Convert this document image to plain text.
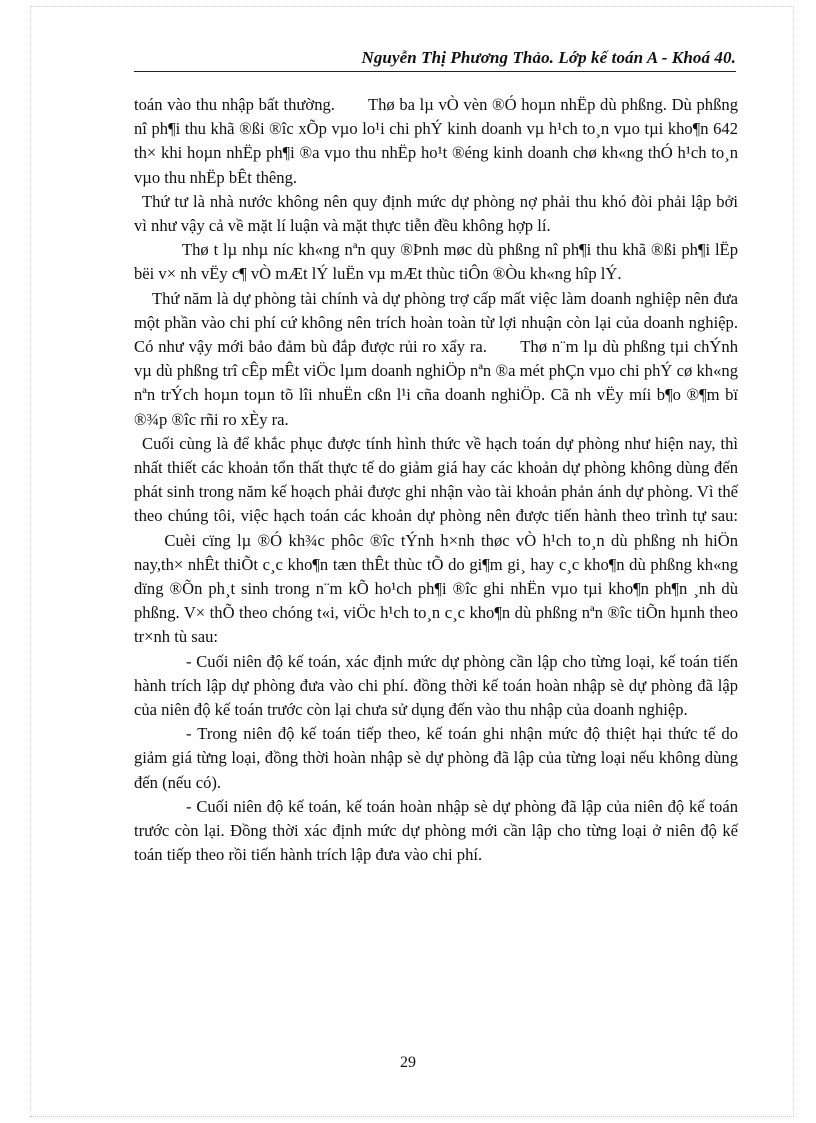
Nguyễn Thị Phương Thảo. Lớp kế toán A - Khoá 40.

toán vào thu nhập bất thường. Thø ba lµ vÒ vèn ®Ó hoµn nhËp dù phßng. Dù phßng nî ph¶i thu khã ®ßi ®îc xÕp vµo lo¹i chi phÝ kinh doanh vµ h¹ch to¸n vµo tµi kho¶n 642 th× khi hoµn nhËp ph¶i ®a vµo thu nhËp ho¹t ®éng kinh doanh chø kh«ng thÓ h¹ch to¸n vµo thu nhËp bÊt thêng.

Thứ tư là nhà nước không nên quy định mức dự phòng nợ phải thu khó đòi phải lập bởi vì như vậy cả về mặt lí luận và mặt thực tiễn đều không hợp lí.

Thø t lµ nhµ níc kh«ng nªn quy ®Þnh møc dù phßng nî ph¶i thu khã ®ßi ph¶i lËp bëi v× nh vËy c¶ vÒ mÆt lÝ luËn vµ mÆt thùc tiÔn ®Òu kh«ng hîp lÝ.

Thứ năm là dự phòng tài chính và dự phòng trợ cấp mất việc làm doanh nghiệp nên đưa một phần vào chi phí cứ không nên trích hoàn toàn từ lợi nhuận còn lại của doanh nghiệp. Có như vậy mới bảo đảm bù đắp được rủi ro xẩy ra. Thø n¨m lµ dù phßng tµi chÝnh vµ dù phßng trî cÊp mÊt viÖc lµm doanh nghiÖp nªn ®a mét phÇn vµo chi phÝ cø kh«ng nªn trÝch hoµn toµn tõ lîi nhuËn cßn l¹i cña doanh nghiÖp. Cã nh vËy míi b¶o ®¶m bï ®¾p ®îc rñi ro xÈy ra.

Cuối cùng là để khắc phục được tính hình thức về hạch toán dự phòng như hiện nay, thì nhất thiết các khoản tổn thất thực tế do giảm giá hay các khoản dự phòng không dùng đến phát sinh trong năm kế hoạch phải được ghi nhận vào tài khoản phản ánh dự phòng. Vì thế theo chúng tôi, việc hạch toán các khoản dự phòng nên được tiến hành theo trình tự sau:  Cuèi cïng lµ ®Ó kh¾c phôc ®îc tÝnh h×nh thøc vÒ h¹ch to¸n dù phßng nh hiÖn nay,th× nhÊt thiÕt c¸c kho¶n tæn thÊt thùc tÕ do gi¶m gi¸ hay c¸c kho¶n dù phßng kh«ng dïng ®Õn ph¸t sinh trong n¨m kÕ ho¹ch ph¶i ®îc ghi nhËn vµo tµi kho¶n ph¶n ¸nh dù phßng. V× thÕ theo chóng t«i, viÖc h¹ch to¸n c¸c kho¶n dù phßng nªn ®îc tiÕn hµnh theo tr×nh tù sau:

- Cuối niên độ kế toán, xác định mức dự phòng cần lập cho từng loại, kế toán tiến hành trích lập dự phòng đưa vào chi phí. đồng thời kế toán hoàn nhập sè dự phòng đã lập của niên độ kế toán trước còn lại chưa sử dụng đến vào thu nhập của doanh nghiệp.

- Trong niên độ kế toán tiếp theo, kế toán ghi nhận mức độ thiệt hại thức tế do giảm giá từng loại, đồng thời hoàn nhập sè dự phòng đã lập của từng loại nếu không dùng đến (nếu có).

- Cuối niên độ kế toán, kế toán hoàn nhập sè dự phòng đã lập của niên độ kế toán trước còn lại. Đồng thời xác định mức dự phòng mới cần lập cho từng loại ở niên độ kế toán tiếp theo rồi tiến hành trích lập đưa vào chi phí.

29
